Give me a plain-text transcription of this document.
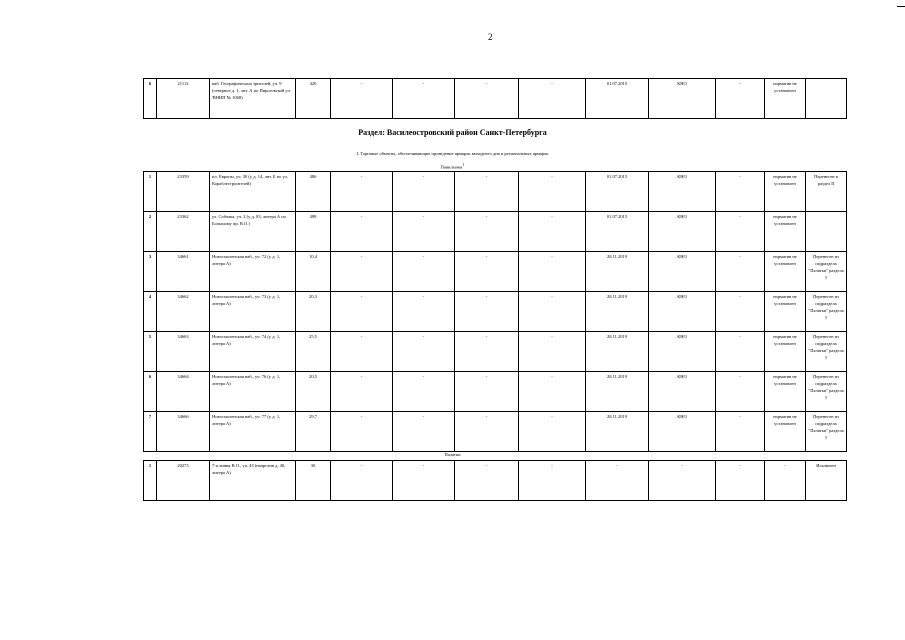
2
6	21112	наб. Географических зрителей, уч. 9 (северное д. 1, лит. А по Пироговской ул. 'ВНИП № 1068)	420	-	-	-	-	01.07.2015	КНО	-	норматив не установлен	
Раздел: Василеостровский район Санкт-Петербурга
I. Торговые объекты, обеспечивающие проведение ярмарок выходного дня и региональных ярмарок
Павильоны$^1$
1	23359	пл. Европы, уч. 30 (у д. 14, лит. Б по ул. Кораблестроителей)	486	-	-	-	-	01.07.2015	КНО	-	норматив не установлен	Перенесен в раздел II
2	23362	ул. Собчака, уч. 2 (у д. 83, литера А по Большому пр. В.О.)	498	-	-	-	-	01.07.2015	КНО	-	норматив не установлен	
3	34661	Новосмоленская наб., уч. 72 (у д. 1, литера А)	10,4	-	-	-	-	28.11.2019	КНО	-	норматив не установлен	Перенесен из подраздела "Палатки" раздела I
4	34662	Новосмоленская наб., уч. 73 (у д. 1, литера А)	20,3	-	-	-	-	28.11.2019	КНО	-	норматив не установлен	Перенесен из подраздела "Палатки" раздела I
5	34663	Новосмоленская наб., уч. 74 (у д. 1, литера А)	25,5	-	-	-	-	28.11.2019	КНО	-	норматив не установлен	Перенесен из подраздела "Палатки" раздела I
6	34664	Новосмоленская наб., уч. 76 (у д. 1, литера А)	20,5	-	-	-	-	28.11.2019	КНО	-	норматив не установлен	Перенесен из подраздела "Палатки" раздела I
7	34666	Новосмоленская наб., уч. 77 (у д. 1, литера А)	29,7	-	-	-	-	28.11.2019	КНО	-	норматив не установлен	Перенесен из подраздела "Палатки" раздела I
Палатки
1	20273	7-я линия В.О., уч. 43 (напротив д. 40, литера А)	30	-	-	-	-	-	-	-	-	Исключен
